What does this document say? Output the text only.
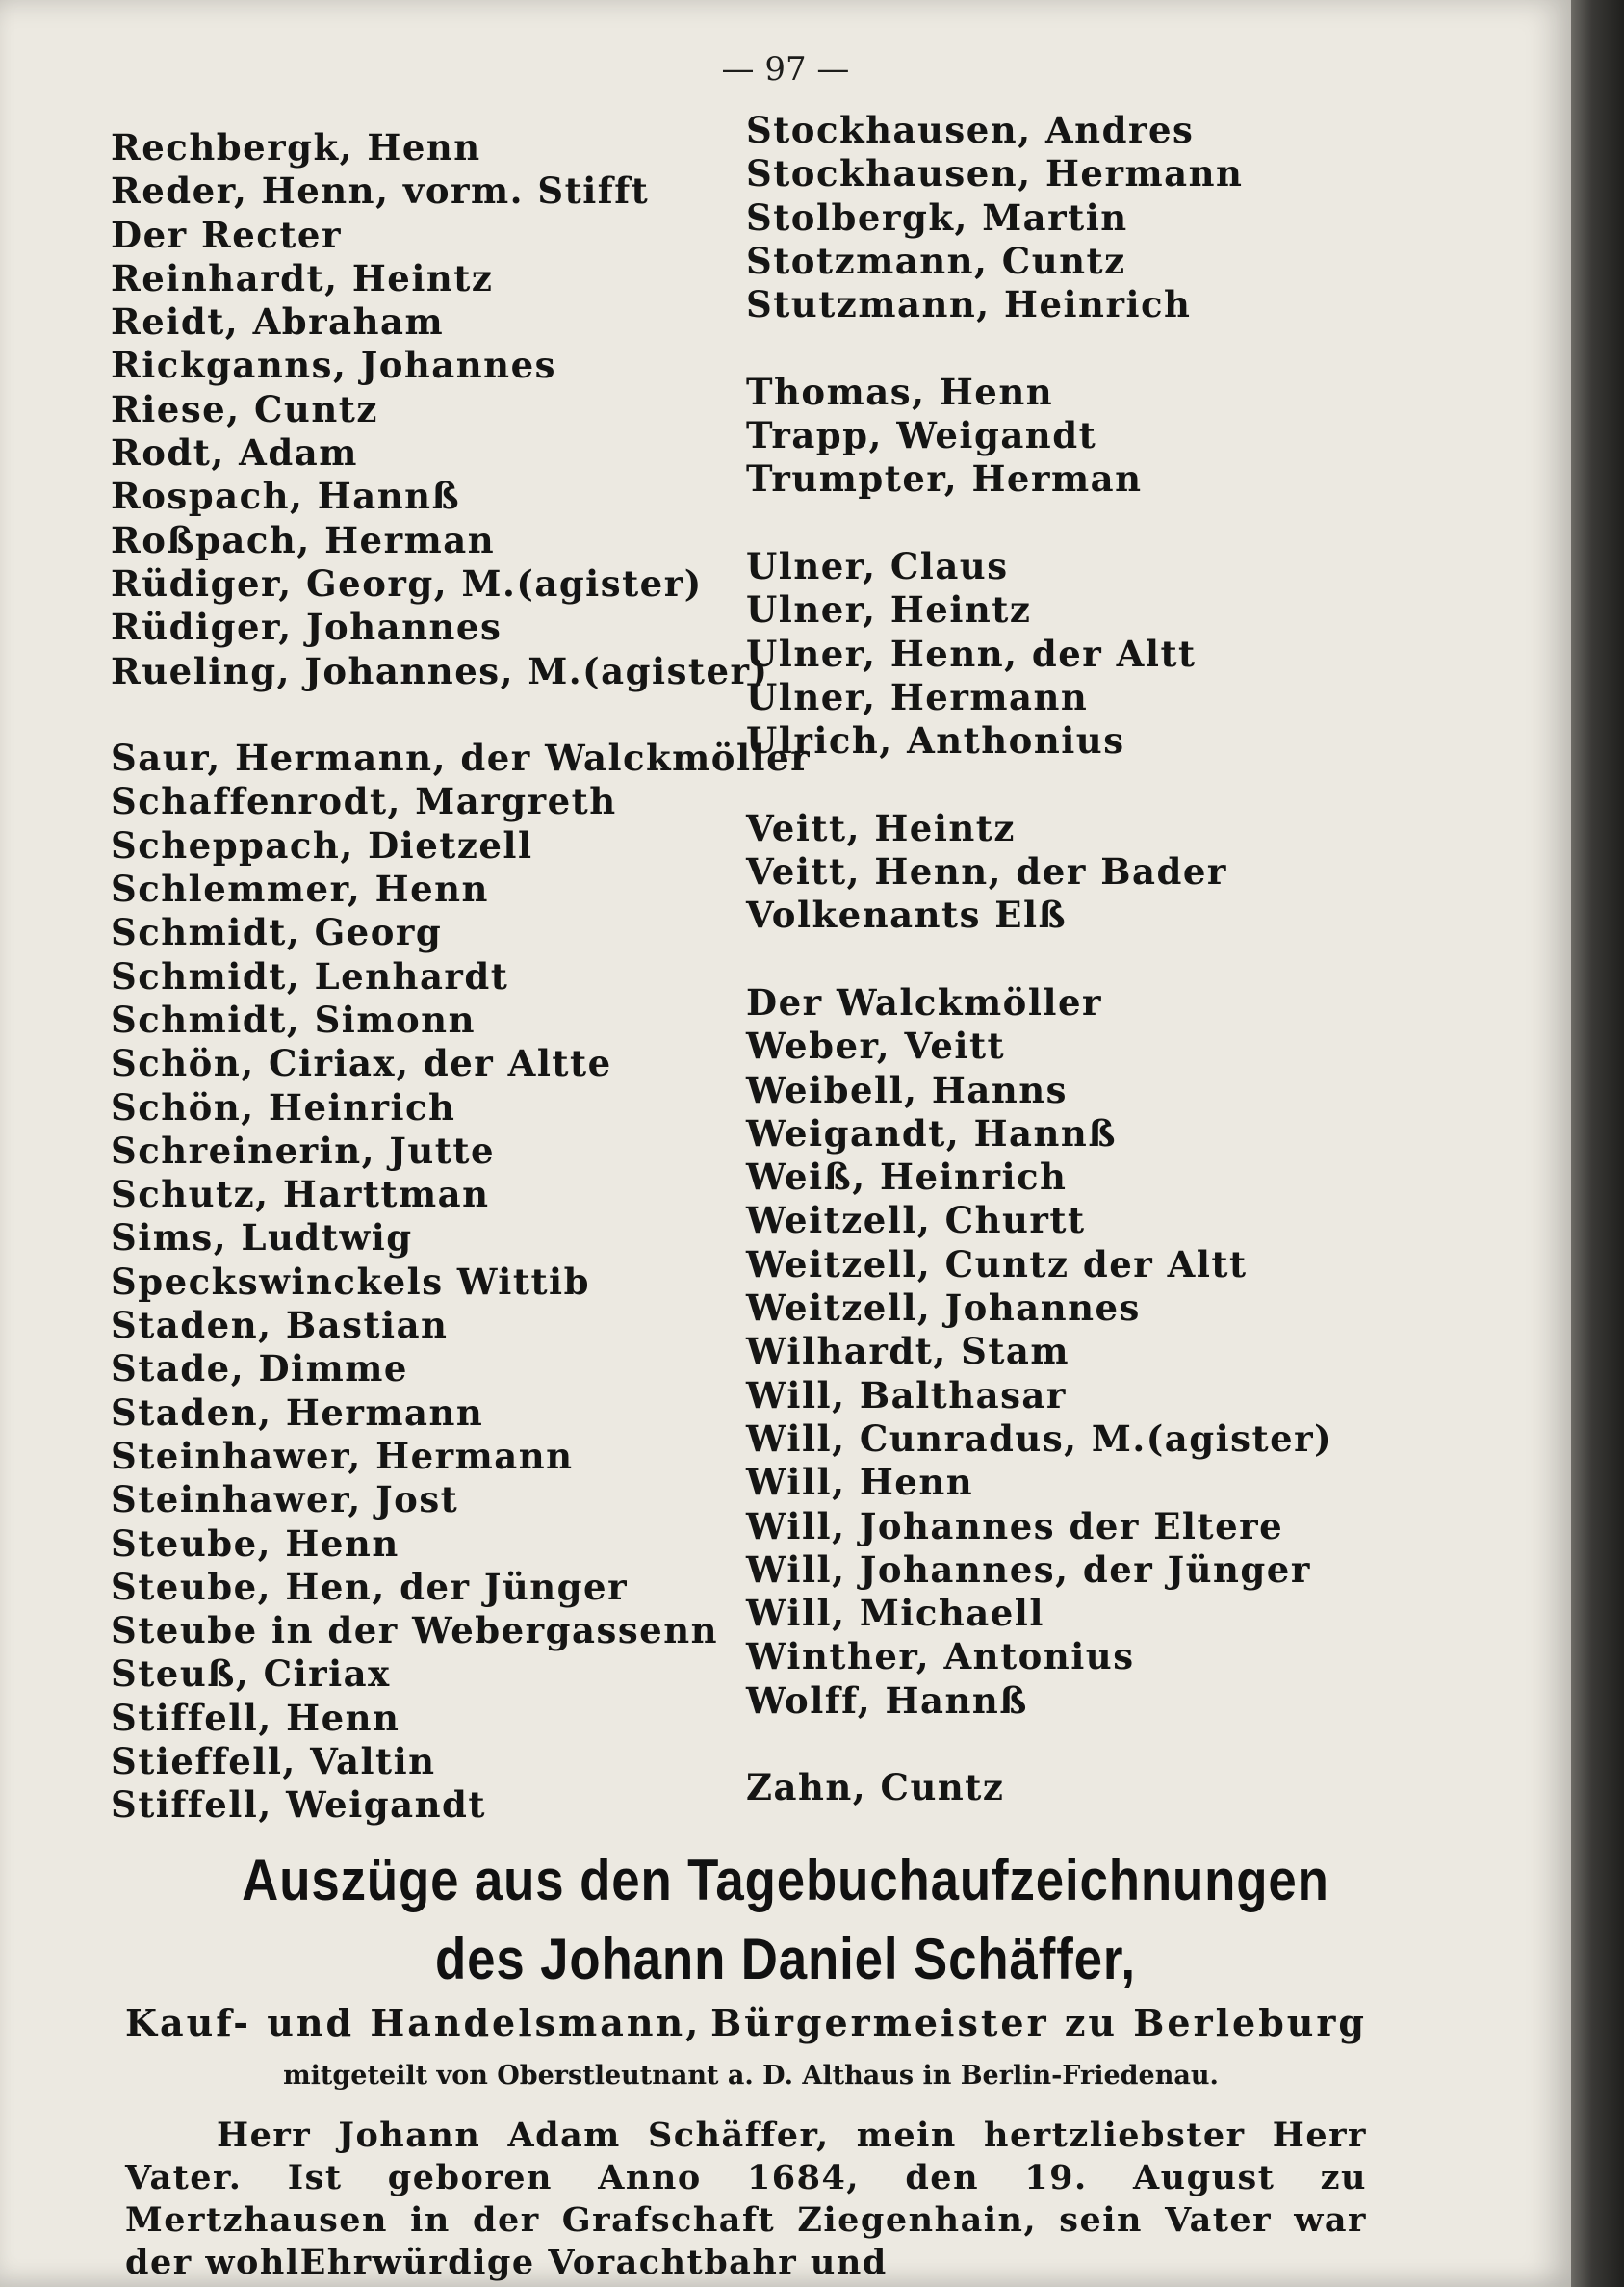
— 97 —
Rechbergk, Henn
Reder, Henn, vorm. Stifft
Der Recter
Reinhardt, Heintz
Reidt, Abraham
Rickganns, Johannes
Riese, Cuntz
Rodt, Adam
Rospach, Hannß
Roßpach, Herman
Rüdiger, Georg, M.(agister)
Rüdiger, Johannes
Rueling, Johannes, M.(agister)
Saur, Hermann, der Walckmöller
Schaffenrodt, Margreth
Scheppach, Dietzell
Schlemmer, Henn
Schmidt, Georg
Schmidt, Lenhardt
Schmidt, Simonn
Schön, Ciriax, der Altte
Schön, Heinrich
Schreinerin, Jutte
Schutz, Harttman
Sims, Ludtwig
Speckswinckels Wittib
Staden, Bastian
Stade, Dimme
Staden, Hermann
Steinhawer, Hermann
Steinhawer, Jost
Steube, Henn
Steube, Hen, der Jünger
Steube in der Webergassenn
Steuß, Ciriax
Stiffell, Henn
Stieffell, Valtin
Stiffell, Weigandt
Stockhausen, Andres
Stockhausen, Hermann
Stolbergk, Martin
Stotzmann, Cuntz
Stutzmann, Heinrich
Thomas, Henn
Trapp, Weigandt
Trumpter, Herman
Ulner, Claus
Ulner, Heintz
Ulner, Henn, der Altt
Ulner, Hermann
Ulrich, Anthonius
Veitt, Heintz
Veitt, Henn, der Bader
Volkenants Elß
Der Walckmöller
Weber, Veitt
Weibell, Hanns
Weigandt, Hannß
Weiß, Heinrich
Weitzell, Churtt
Weitzell, Cuntz der Altt
Weitzell, Johannes
Wilhardt, Stam
Will, Balthasar
Will, Cunradus, M.(agister)
Will, Henn
Will, Johannes der Eltere
Will, Johannes, der Jünger
Will, Michaell
Winther, Antonius
Wolff, Hannß
Zahn, Cuntz
Auszüge aus den Tagebuchaufzeichnungen
des Johann Daniel Schäffer,
Kauf- und Handelsmann, Bürgermeister zu Berleburg
mitgeteilt von Oberstleutnant a. D. Althaus in Berlin-Friedenau.

Herr Johann Adam Schäffer, mein hertzliebster Herr Vater. Ist geboren Anno 1684, den 19. August zu Mertzhausen in der Grafschaft Ziegenhain, sein Vater war der wohlEhrwürdige Vorachtbahr und
